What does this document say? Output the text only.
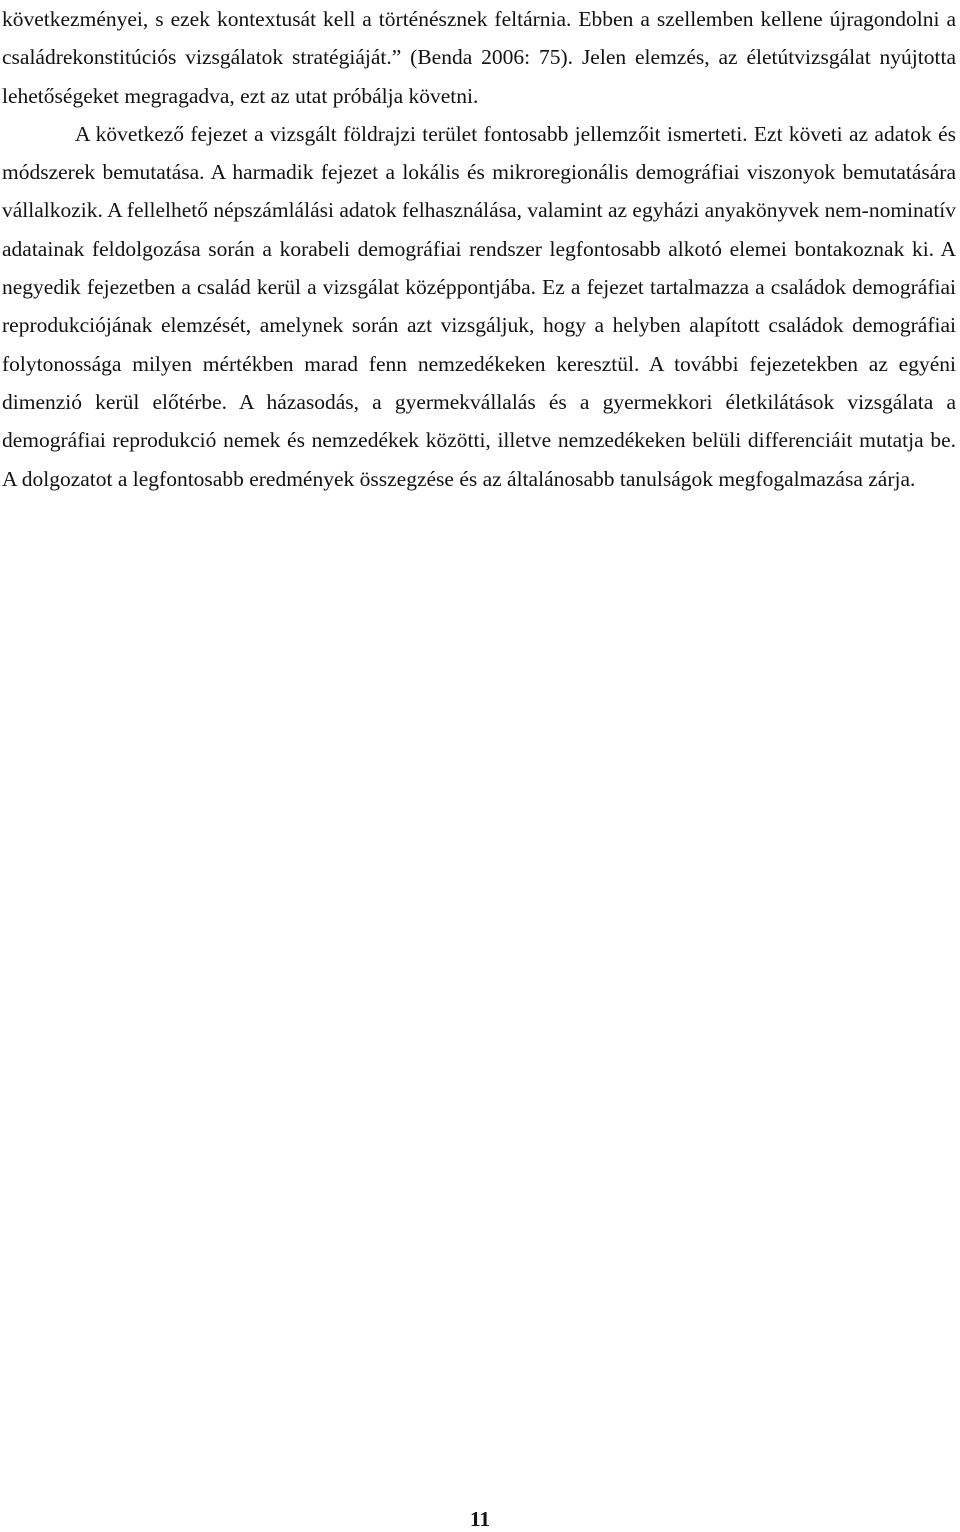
következményei, s ezek kontextusát kell a történésznek feltárnia. Ebben a szellemben kellene újragondolni a családrekonstitúciós vizsgálatok stratégiáját.” (Benda 2006: 75). Jelen elemzés, az életútvizsgálat nyújtotta lehetőségeket megragadva, ezt az utat próbálja követni.

A következő fejezet a vizsgált földrajzi terület fontosabb jellemzőit ismerteti. Ezt követi az adatok és módszerek bemutatása. A harmadik fejezet a lokális és mikroregionális demográfiai viszonyok bemutatására vállalkozik. A fellelhető népszámlálási adatok felhasználása, valamint az egyházi anyakönyvek nem-nominatív adatainak feldolgozása során a korabeli demográfiai rendszer legfontosabb alkotó elemei bontakoznak ki. A negyedik fejezetben a család kerül a vizsgálat középpontjába. Ez a fejezet tartalmazza a családok demográfiai reprodukciójának elemzését, amelynek során azt vizsgáljuk, hogy a helyben alapított családok demográfiai folytonossága milyen mértékben marad fenn nemzedékeken keresztül. A további fejezetekben az egyéni dimenzió kerül előtérbe. A házasodás, a gyermekvállalás és a gyermekkori életkilátások vizsgálata a demográfiai reprodukció nemek és nemzedékek közötti, illetve nemzedékeken belüli differenciáit mutatja be. A dolgozatot a legfontosabb eredmények összegzése és az általánosabb tanulságok megfogalmazása zárja.

11
